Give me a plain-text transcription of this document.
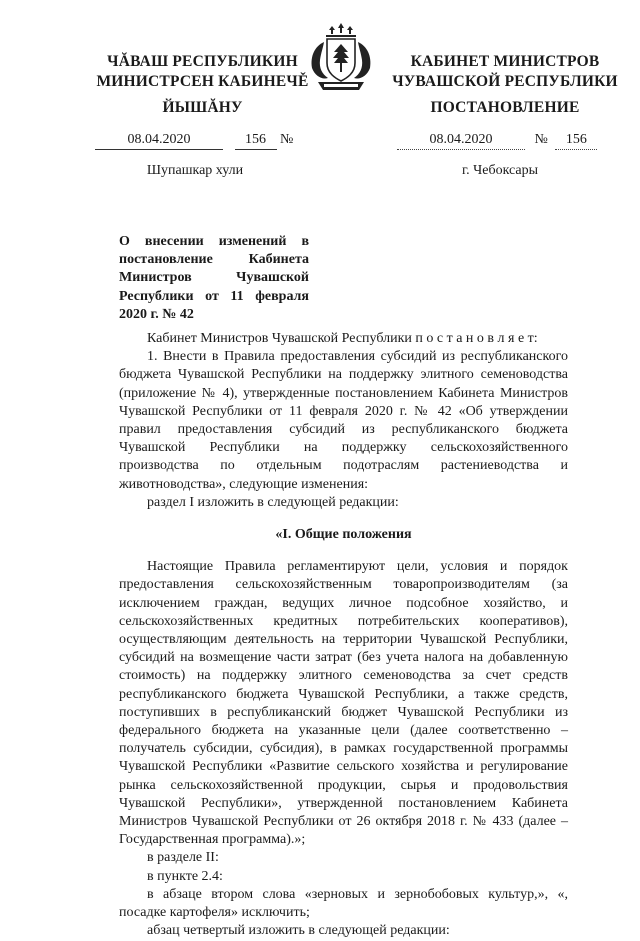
ЧĂВАШ РЕСПУБЛИКИН
МИНИСТРСЕН КАБИНЕЧĚ
ЙЫШĂНУ
КАБИНЕТ МИНИСТРОВ
ЧУВАШСКОЙ РЕСПУБЛИКИ
ПОСТАНОВЛЕНИЕ
08.04.2020	156 №
Шупашкар хули
08.04.2020	№ 156
г. Чебоксары
О внесении изменений в постановление Кабинета Министров Чувашской Республики от 11 февраля 2020 г. № 42

Кабинет Министров Чувашской Республики п о с т а н о в л я е т:

1. Внести в Правила предоставления субсидий из республиканского бюджета Чувашской Республики на поддержку элитного семеноводства (приложение № 4), утвержденные постановлением Кабинета Министров Чувашской Республики от 11 февраля 2020 г. № 42 «Об утверждении правил предоставления субсидий из республиканского бюджета Чувашской Республики на поддержку сельскохозяйственного производства по отдельным подотраслям растениеводства и животноводства», следующие изменения:

раздел I изложить в следующей редакции:

«I. Общие положения

Настоящие Правила регламентируют цели, условия и порядок предоставления сельскохозяйственным товаропроизводителям (за исключением граждан, ведущих личное подсобное хозяйство, и сельскохозяйственных кредитных потребительских кооперативов), осуществляющим деятельность на территории Чувашской Республики, субсидий на возмещение части затрат (без учета налога на добавленную стоимость) на поддержку элитного семеноводства за счет средств республиканского бюджета Чувашской Республики, а также средств, поступивших в республиканский бюджет Чувашской Республики из федерального бюджета на указанные цели (далее соответственно – получатель субсидии, субсидия), в рамках государственной программы Чувашской Республики «Развитие сельского хозяйства и регулирование рынка сельскохозяйственной продукции, сырья и продовольствия Чувашской Республики», утвержденной постановлением Кабинета Министров Чувашской Республики от 26 октября 2018 г. № 433 (далее – Государственная программа).»;

в разделе II:

в пункте 2.4:

в абзаце втором слова «зерновых и зернобобовых культур,», «, посадке картофеля» исключить;

абзац четвертый изложить в следующей редакции:
